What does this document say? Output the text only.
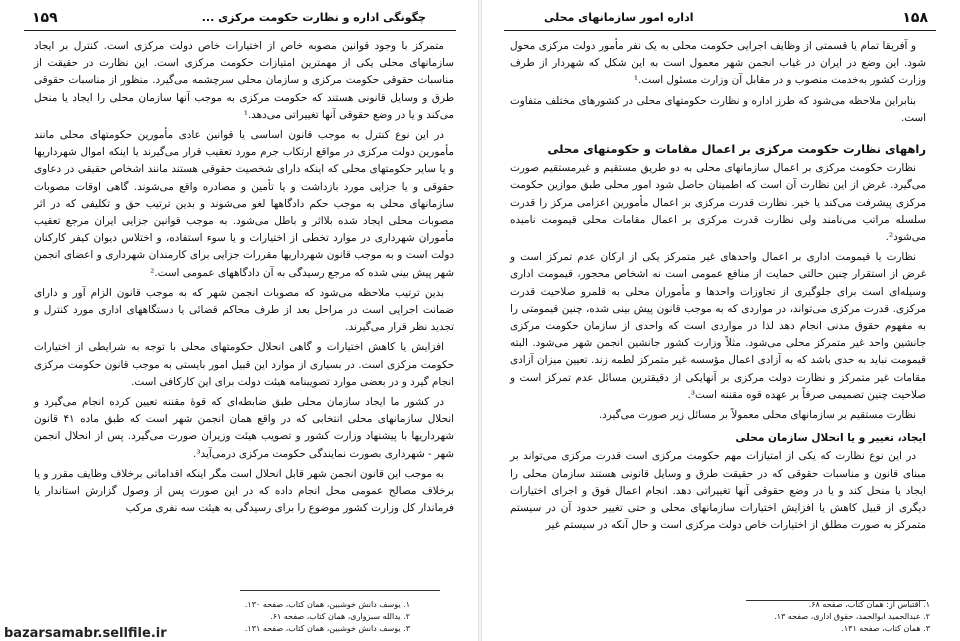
۱۵۹	چگونگی اداره و نظارت حکومت مرکزی ...

متمرکز با وجود قوانین مصوبه خاص از اختیارات خاص دولت مرکزی است. کنترل بر ایجاد سازمانهای محلی یکی از مهمترین امتیازات حکومت مرکزی است. این نظارت در حقیقت از مناسبات حقوقی حکومت مرکزی و سازمان محلی سرچشمه می‌گیرد. منظور از مناسبات حقوقی طرق و وسایل قانونی هستند که حکومت مرکزی به موجب آنها سازمان محلی را ایجاد یا منحل می‌کند و یا در وضع حقوقی آنها تغییراتی می‌دهد.¹

در این نوع کنترل به موجب قانون اساسی یا قوانین عادی مأمورین حکومتهای محلی مانند مأمورین دولت مرکزی در مواقع ارتکاب جرم مورد تعقیب قرار می‌گیرند یا اینکه اموال شهرداریها و یا سایر حکومتهای محلی که اینکه دارای شخصیت حقوقی هستند مانند اشخاص حقیقی در دعاوی حقوقی و یا جزایی مورد بازداشت و یا تأمین و مصادره واقع می‌شوند. گاهی اوقات مصوبات سازمانهای محلی به موجب حکم دادگاهها لغو می‌شوند و بدین ترتیب حق و تکلیفی که در اثر مصوبات محلی ایجاد شده بلااثر و باطل می‌شود. به موجب قوانین جزایی ایران مرجع تعقیب مأموران شهرداری در موارد تخطی از اختیارات و یا سوء استفاده، و اختلاس دیوان کیفر کارکنان دولت است و به موجب قانون شهرداریها مقررات جزایی برای کارمندان شهرداری و اعضای انجمن شهر پیش بینی شده که مرجع رسیدگی به آن دادگاههای عمومی است.²

بدین ترتیب ملاحظه می‌شود که مصوبات انجمن شهر که به موجب قانون الزام آور و دارای ضمانت اجرایی است در مراحل بعد از طرف محاکم قضائی یا دستگاههای اداری مورد کنترل و تجدید نظر قرار می‌گیرند.

افزایش یا کاهش اختیارات و گاهی انحلال حکومتهای محلی با توجه به شرایطی از اختیارات حکومت مرکزی است. در بسیاری از موارد این قبیل امور بایستی به موجب قانون حکومت مرکزی انجام گیرد و در بعضی موارد تصویبنامه هیئت دولت برای این کارکافی است.

در کشور ما ایجاد سازمان محلی طبق ضابطه‌ای که قوهٔ مقننه تعیین کرده انجام می‌گیرد و انحلال سازمانهای محلی انتخابی که در واقع همان انجمن شهر است که طبق ماده ۴۱ قانون شهرداریها با پیشنهاد وزارت کشور و تصویب هیئت وزیران صورت می‌گیرد. پس از انحلال انجمن شهر - شهرداری بصورت نمایندگی حکومت مرکزی درمی‌آید³.

به موجب این قانون انجمن شهر قابل انحلال است مگر اینکه اقداماتی برخلاف وظایف مقرر و یا برخلاف مصالح عمومی محل انجام داده که در این صورت پس از وصول گزارش استاندار یا فرماندار کل وزارت کشور موضوع را برای رسیدگی به هیئت سه نفری مرکب

۱. یوسف دانش خوشبین، همان کتاب، صفحه ۱۳۰.
۲. یدالله سبزواری، همان کتاب، صفحه ۶۱.
۳. یوسف دانش خوشبین، همان کتاب، صفحه ۱۳۱.
۱۵۸
اداره امور سازمانهای محلی

و آفریقا تمام یا قسمتی از وظایف اجرایی حکومت محلی به یک نفر مأمور دولت مرکزی محول شود. این وضع در ایران در غیاب انجمن شهر معمول است به این شکل که شهردار از طرف وزارت کشور به‌خدمت منصوب و در مقابل آن وزارت مسئول است.¹

بنابراین ملاحظه می‌شود که طرز اداره و نظارت حکومتهای محلی در کشورهای مختلف متفاوت است.

راههای نظارت حکومت مرکزی بر اعمال مقامات و حکومتهای محلی

نظارت حکومت مرکزی بر اعمال سازمانهای محلی به دو طریق مستقیم و غیرمستقیم صورت می‌گیرد. غرض از این نظارت آن است که اطمینان حاصل شود امور محلی طبق موازین حکومت مرکزی پیشرفت می‌کند یا خیر. نظارت قدرت مرکزی بر اعمال مأمورین اعزامی مرکز را قدرت سلسله مراتب می‌نامند ولی نظارت قدرت مرکزی بر اعمال مقامات محلی قیمومت نامیده می‌شود².

نظارت یا قیمومت اداری بر اعمال واحدهای غیر متمرکز یکی از ارکان عدم تمرکز است و غرض از استقرار چنین حالتی حمایت از منافع عمومی است نه اشخاص محجور، قیمومت اداری وسیله‌ای است برای جلوگیری از تجاوزات واحدها و مأموران محلی به قلمرو صلاحیت قدرت مرکزی. قدرت مرکزی می‌تواند، در مواردی که به موجب قانون پیش بینی شده، چنین قیمومتی را به مفهوم حقوق مدنی انجام دهد لذا در مواردی است که واحدی از سازمان حکومت مرکزی جانشین واحد غیر متمرکز محلی می‌شود. مثلاً وزارت کشور جانشین انجمن شهر می‌شود. البته قیمومت نباید به حدی باشد که به آزادی اعمال مؤسسه غیر متمرکز لطمه زند. تعیین میزان آزادی مقامات غیر متمرکز و نظارت دولت مرکزی بر آنهایکی از دقیقترین مسائل عدم تمرکز است و صلاحیت چنین تصمیمی صرفاً بر عهده قوه مقننه است³.

نظارت مستقیم بر سازمانهای محلی معمولاً بر مسائل زیر صورت می‌گیرد.

ایجاد، تغییر و یا انحلال سازمان محلی

در این نوع نظارت که یکی از امتیازات مهم حکومت مرکزی است قدرت مرکزی می‌تواند بر مبنای قانون و مناسبات حقوقی که در حقیقت طرق و وسایل قانونی هستند سازمان محلی را ایجاد یا منحل کند و یا در وضع حقوقی آنها تغییراتی دهد. انجام اعمال فوق و اجرای اختیارات دیگری از قبیل کاهش یا افزایش اختیارات سازمانهای محلی و حتی تغییر حدود آن در سیستم متمرکز به صورت مطلق از اختیارات خاص دولت مرکزی است و حال آنکه در سیستم غیر

۱. اقتباس از: همان کتاب، صفحه ۶۸.
۲. عبدالحمید ابوالحمد، حقوق اداری، صفحه ۱۳.
۳. همان کتاب، صفحه ۱۳۱.
bazarsamabr.sellfile.ir
